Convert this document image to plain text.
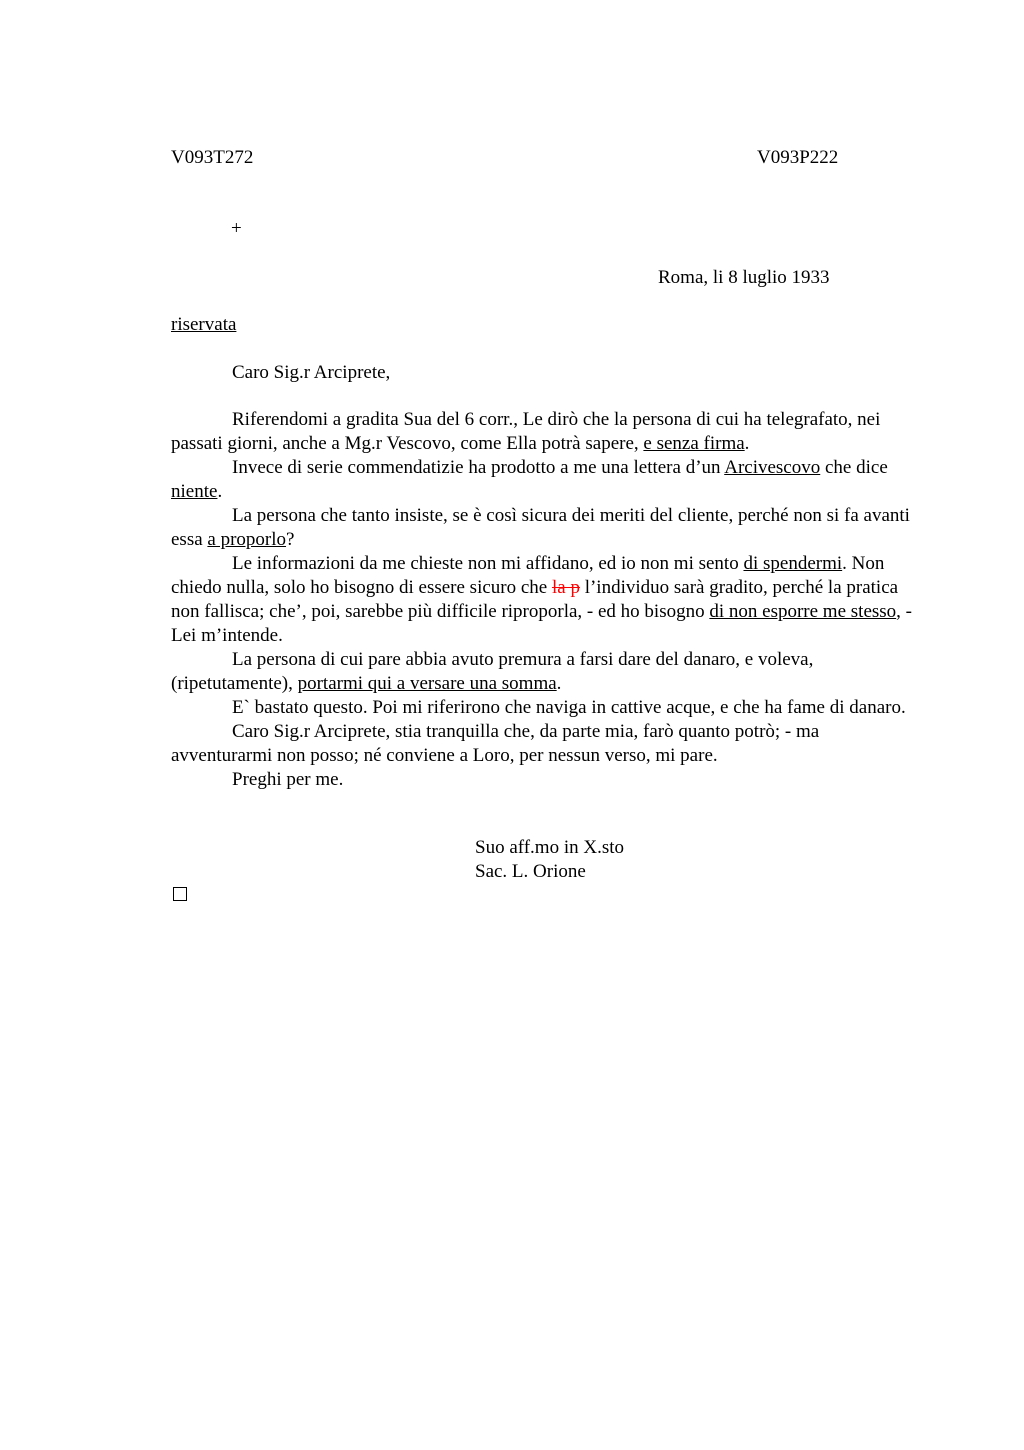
V093T272	V093P222
+
Roma, li 8 luglio 1933
riservata
Caro Sig.r Arciprete,

Riferendomi a gradita Sua del 6 corr., Le dirò che la persona di cui ha telegrafato, nei passati giorni, anche a Mg.r Vescovo, come Ella potrà sapere, e senza firma.

Invece di serie commendatizie ha prodotto a me una lettera d’un Arcivescovo che dice niente.

La persona che tanto insiste, se è così sicura dei meriti del cliente, perché non si fa avanti essa a proporlo?

Le informazioni da me chieste non mi affidano, ed io non mi sento di spendermi. Non chiedo nulla, solo ho bisogno di essere sicuro che la p l’individuo sarà gradito, perché la pratica non fallisca; che’, poi, sarebbe più difficile riproporla, - ed ho bisogno di non esporre me stesso, - Lei m’intende.

La persona di cui pare abbia avuto premura a farsi dare del danaro, e voleva, (ripetutamente), portarmi qui a versare una somma.

E` bastato questo. Poi mi riferirono che naviga in cattive acque, e che ha fame di danaro.

Caro Sig.r Arciprete, stia tranquilla che, da parte mia, farò quanto potrò; - ma avventurarmi non posso; né conviene a Loro, per nessun verso, mi pare.

Preghi per me.

Suo aff.mo in X.sto
Sac. L. Orione
